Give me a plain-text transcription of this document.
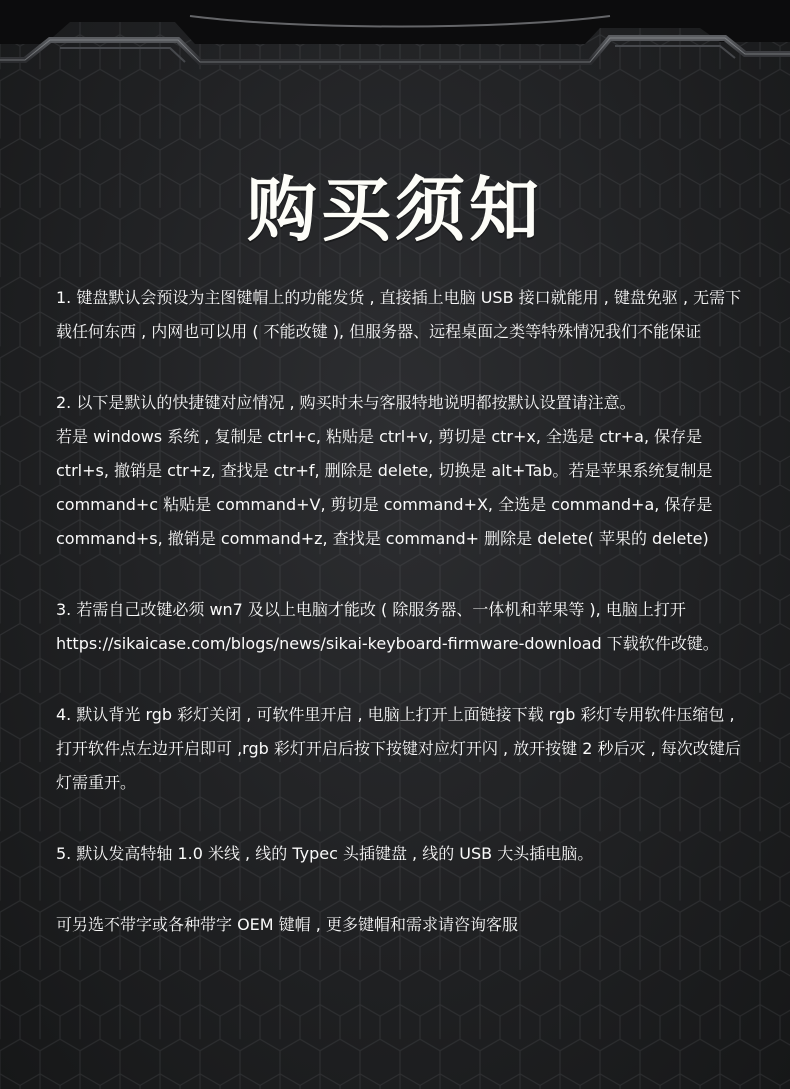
购买须知

1. 键盘默认会预设为主图键帽上的功能发货 , 直接插上电脑 USB 接口就能用 , 键盘免驱 , 无需下载任何东西 , 内网也可以用 ( 不能改键 ), 但服务器、远程桌面之类等特殊情况我们不能保证

2. 以下是默认的快捷键对应情况 , 购买时未与客服特地说明都按默认设置请注意。

若是 windows 系统 , 复制是 ctrl+c, 粘贴是 ctrl+v, 剪切是 ctr+x, 全选是 ctr+a, 保存是 ctrl+s, 撤销是 ctr+z, 查找是 ctr+f, 删除是 delete, 切换是 alt+Tab。若是苹果系统复制是 command+c 粘贴是 command+V, 剪切是 command+X, 全选是 command+a, 保存是 command+s, 撤销是 command+z, 查找是 command+ 删除是 delete( 苹果的 delete)

3. 若需自己改键必须 wn7 及以上电脑才能改 ( 除服务器、一体机和苹果等 ), 电脑上打开 https://sikaicase.com/blogs/news/sikai-keyboard-firmware-download 下载软件改键。

4. 默认背光 rgb 彩灯关闭 , 可软件里开启 , 电脑上打开上面链接下载 rgb 彩灯专用软件压缩包 , 打开软件点左边开启即可 ,rgb 彩灯开启后按下按键对应灯开闪 , 放开按键 2 秒后灭 , 每次改键后灯需重开。

5. 默认发高特轴 1.0 米线 , 线的 Typec 头插键盘 , 线的 USB 大头插电脑。

可另选不带字或各种带字 OEM 键帽 , 更多键帽和需求请咨询客服
